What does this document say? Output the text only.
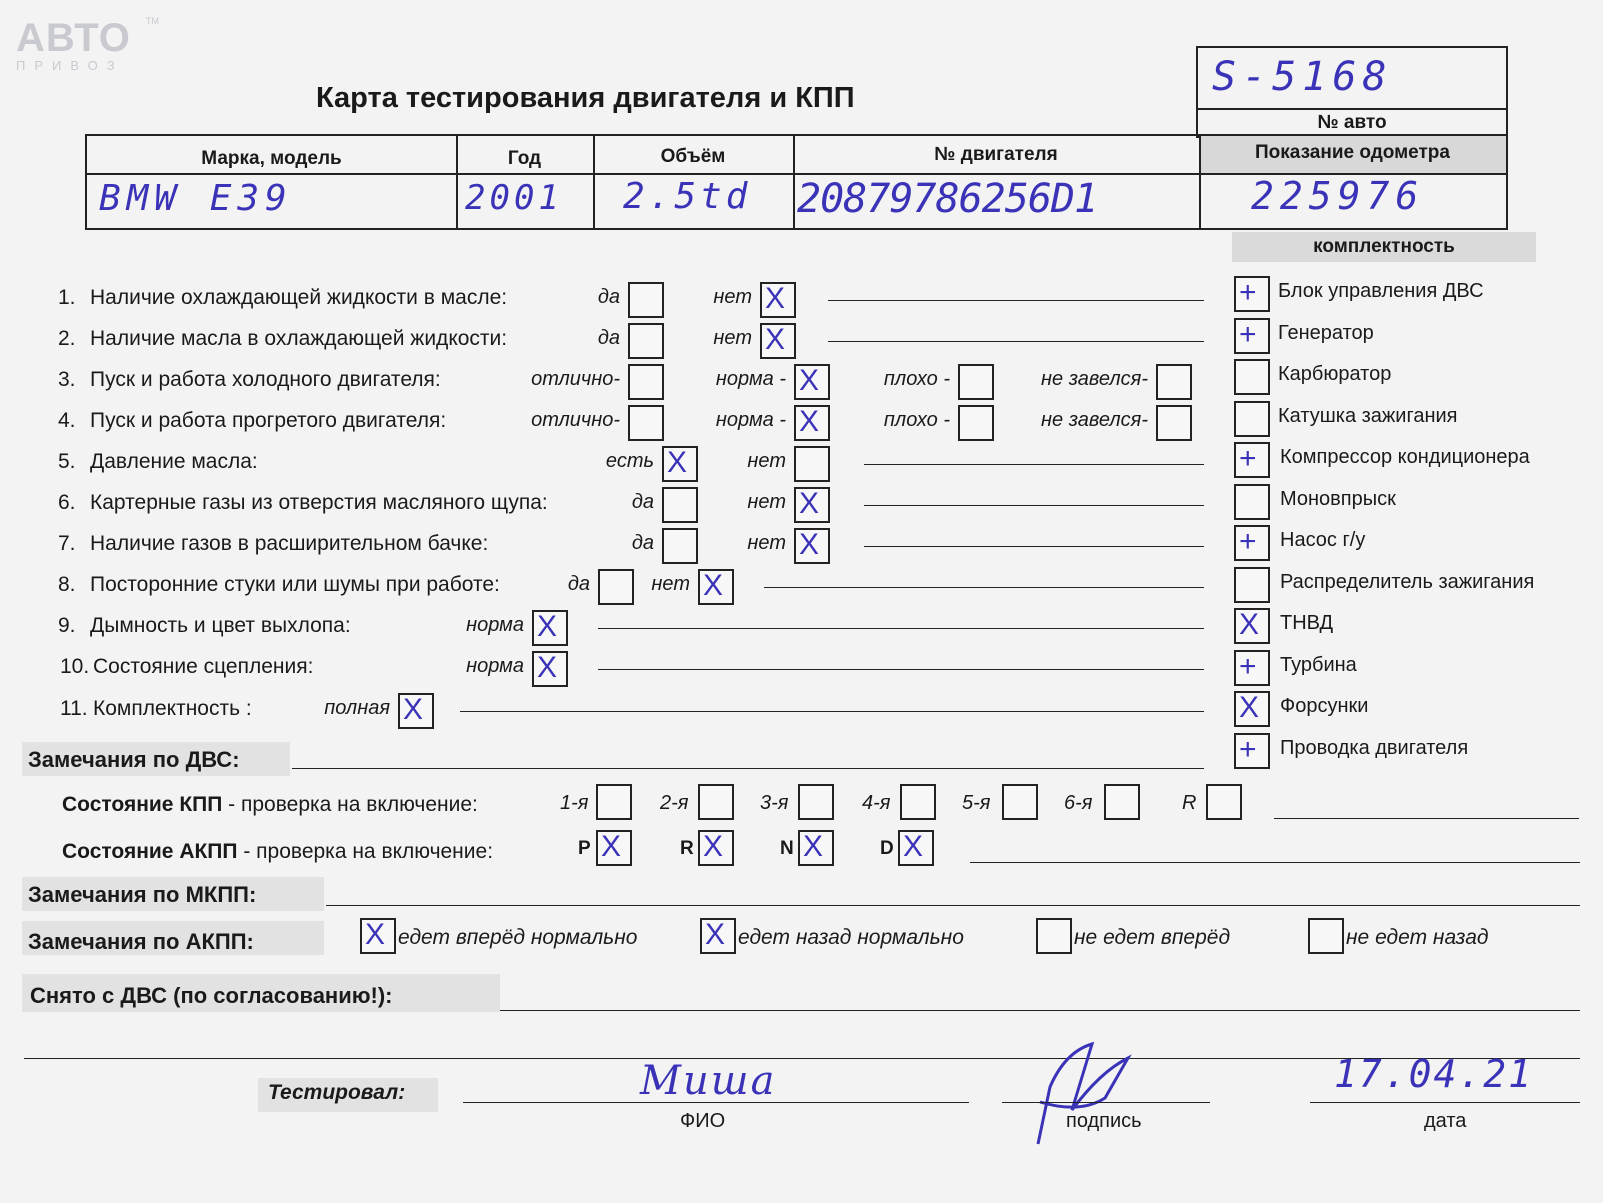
АВТО
ПРИВОЗ
TM
Карта тестирования двигателя и КПП	S-5168
№ авто
Марка, модель	Год	Объём	№ двигателя	Показание одометра
BMW E39	2001 2.5td 20879786256D1	225976
1. Наличие охлаждающей жидкости в масле:	да	нет X
2. Наличие масла в охлаждающей жидкости:	да	нет X
3. Пуск и работа холодного двигателя:	отлично-	норма - X	плохо -	не завелся-
4. Пуск и работа прогретого двигателя:	отлично-	норма - X	плохо -	не завелся-
5. Давление масла:	есть X	нет
6. Картерные газы из отверстия масляного щупа:	да	нет X
7. Наличие газов в расширительном бачке:	да	нет X
8. Посторонние стуки или шумы при работе:	да	нет X
9. Дымность и цвет выхлопа:	норма X
10. Состояние сцепления:	норма X
11. Комплектность :	полная X
комплектность
+ Блок управления ДВС
+ Генератор
Карбюратор
Катушка зажигания
+ Компрессор кондиционера
Моновпрыск
+ Насос г/у
Распределитель зажигания
X ТНВД
+ Турбина
X Форсунки
+ Проводка двигателя
Замечания по ДВС:
Состояние КПП - проверка на включение:	1-я	2-я	3-я	4-я	5-я	6-я	R
Состояние АКПП - проверка на включение:	P X	R X	N X	D X
Замечания по МКПП:
Замечания по АКПП:	X едет вперёд нормально X едет назад нормально	не едет вперёд	не едет назад
Снято с ДВС (по согласованию!):
Тестировал:	Миша
ФИО	подпись
17.04.21
дата
